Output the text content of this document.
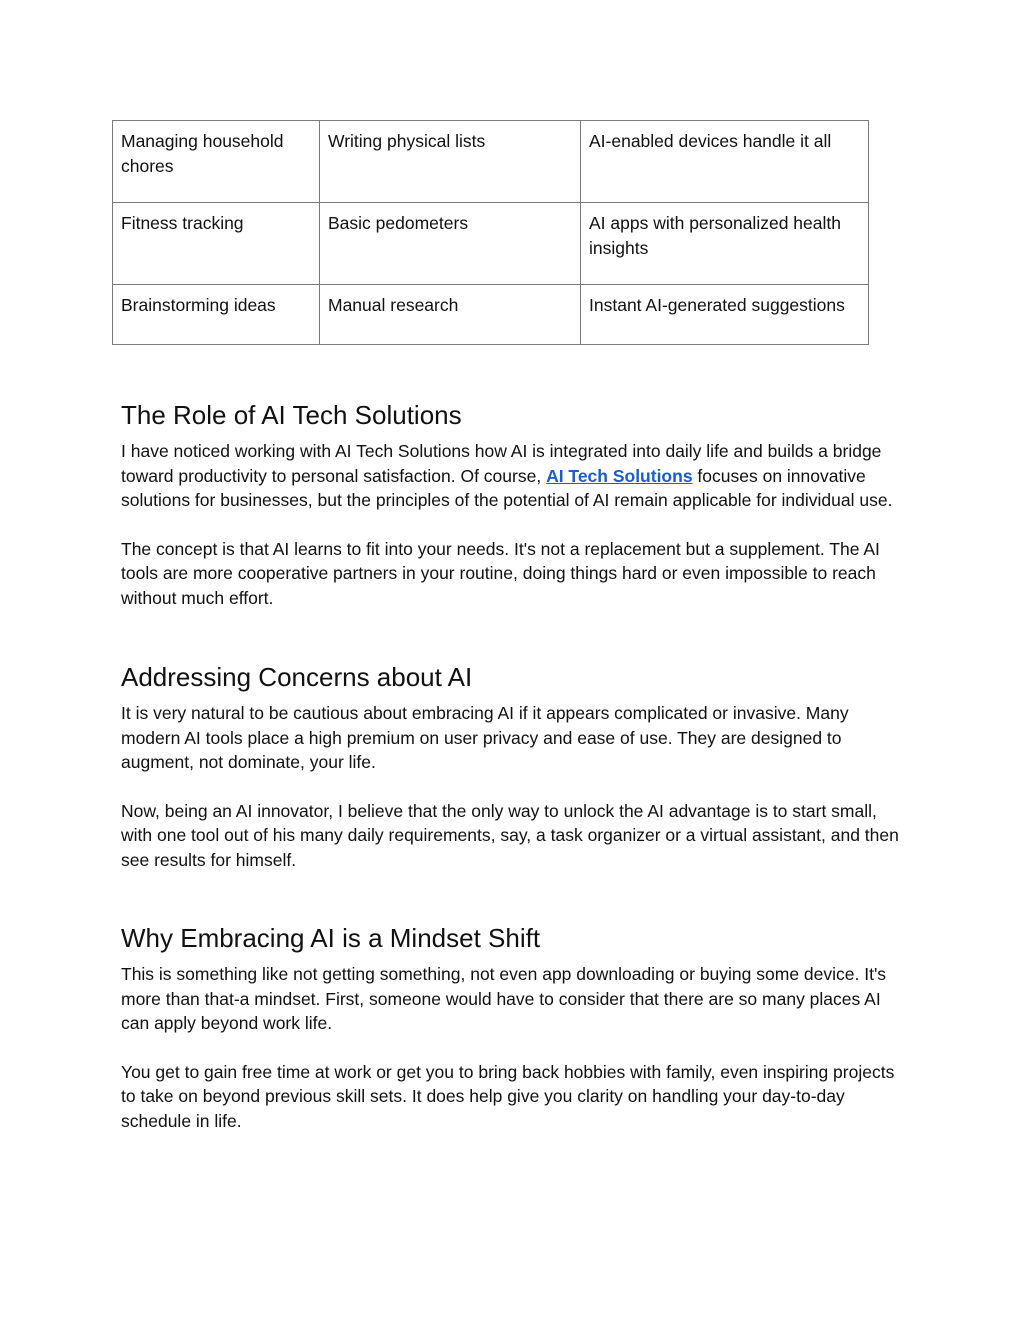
Managing household chores	Writing physical lists	AI-enabled devices handle it all
Fitness tracking	Basic pedometers	AI apps with personalized health insights
Brainstorming ideas	Manual research	Instant AI-generated suggestions
The Role of AI Tech Solutions

I have noticed working with AI Tech Solutions how AI is integrated into daily life and builds a bridge toward productivity to personal satisfaction. Of course, AI Tech Solutions focuses on innovative solutions for businesses, but the principles of the potential of AI remain applicable for individual use.

The concept is that AI learns to fit into your needs. It's not a replacement but a supplement. The AI tools are more cooperative partners in your routine, doing things hard or even impossible to reach without much effort.

Addressing Concerns about AI

It is very natural to be cautious about embracing AI if it appears complicated or invasive. Many modern AI tools place a high premium on user privacy and ease of use. They are designed to augment, not dominate, your life.

Now, being an AI innovator, I believe that the only way to unlock the AI advantage is to start small, with one tool out of his many daily requirements, say, a task organizer or a virtual assistant, and then see results for himself.

Why Embracing AI is a Mindset Shift

This is something like not getting something, not even app downloading or buying some device. It's more than that-a mindset. First, someone would have to consider that there are so many places AI can apply beyond work life.

You get to gain free time at work or get you to bring back hobbies with family, even inspiring projects to take on beyond previous skill sets. It does help give you clarity on handling your day-to-day schedule in life.
